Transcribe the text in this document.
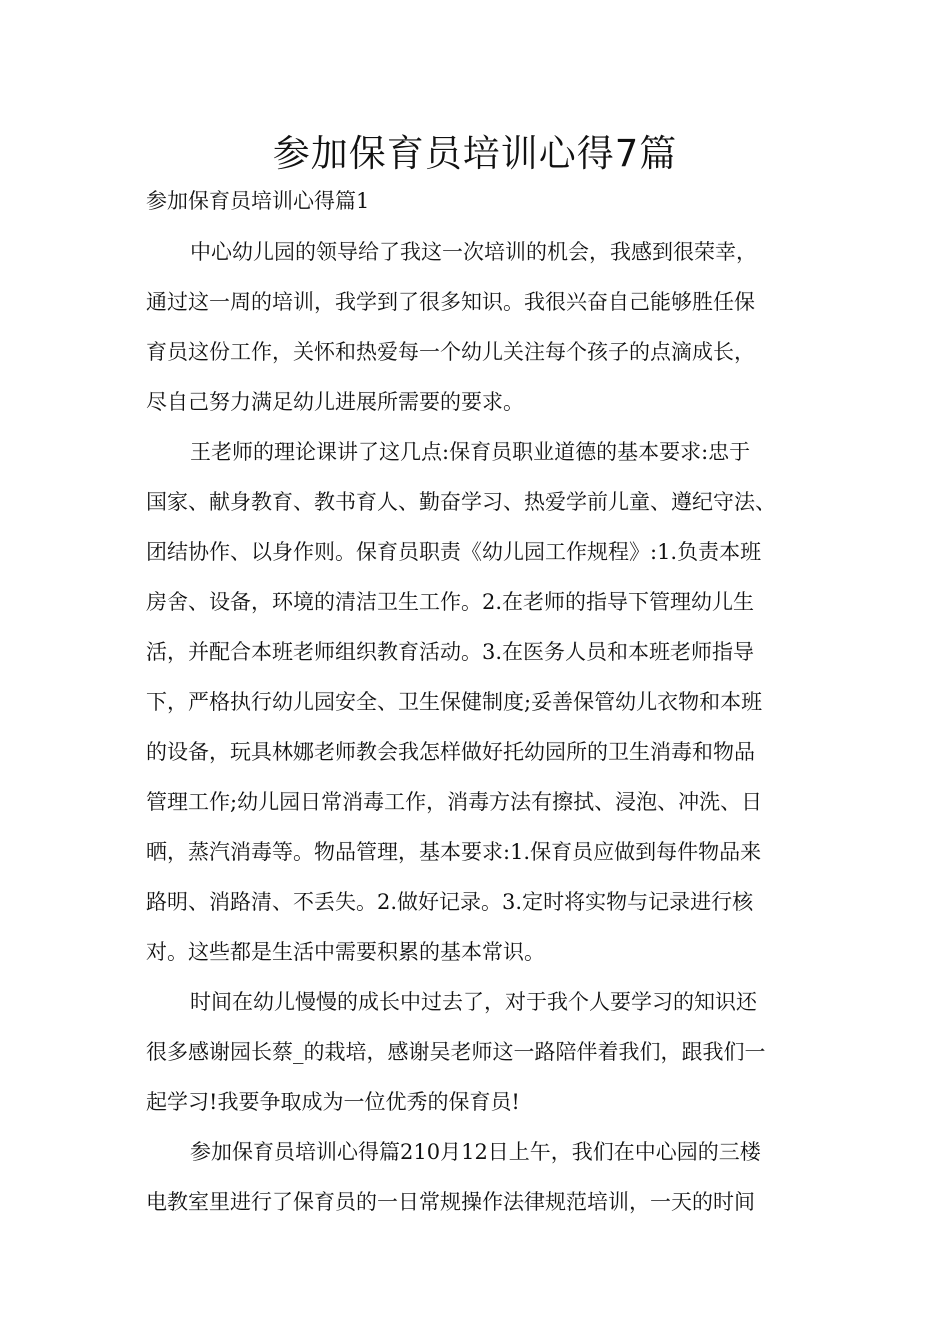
参加保育员培训心得7篇

参加保育员培训心得篇1

中心幼儿园的领导给了我这一次培训的机会，我感到很荣幸，
通过这一周的培训，我学到了很多知识。我很兴奋自己能够胜任保
育员这份工作，关怀和热爱每一个幼儿关注每个孩子的点滴成长，
尽自己努力满足幼儿进展所需要的要求。
王老师的理论课讲了这几点:保育员职业道德的基本要求:忠于
国家、献身教育、教书育人、勤奋学习、热爱学前儿童、遵纪守法、
团结协作、以身作则。保育员职责《幼儿园工作规程》:1.负责本班
房舍、设备，环境的清洁卫生工作。2.在老师的指导下管理幼儿生
活，并配合本班老师组织教育活动。3.在医务人员和本班老师指导
下，严格执行幼儿园安全、卫生保健制度;妥善保管幼儿衣物和本班
的设备，玩具林娜老师教会我怎样做好托幼园所的卫生消毒和物品
管理工作;幼儿园日常消毒工作，消毒方法有擦拭、浸泡、冲洗、日
晒，蒸汽消毒等。物品管理，基本要求:1.保育员应做到每件物品来
路明、消路清、不丢失。2.做好记录。3.定时将实物与记录进行核
对。这些都是生活中需要积累的基本常识。
时间在幼儿慢慢的成长中过去了，对于我个人要学习的知识还
很多感谢园长蔡_的栽培，感谢吴老师这一路陪伴着我们，跟我们一
起学习!我要争取成为一位优秀的保育员!
参加保育员培训心得篇210月12日上午，我们在中心园的三楼
电教室里进行了保育员的一日常规操作法律规范培训，一天的时间
